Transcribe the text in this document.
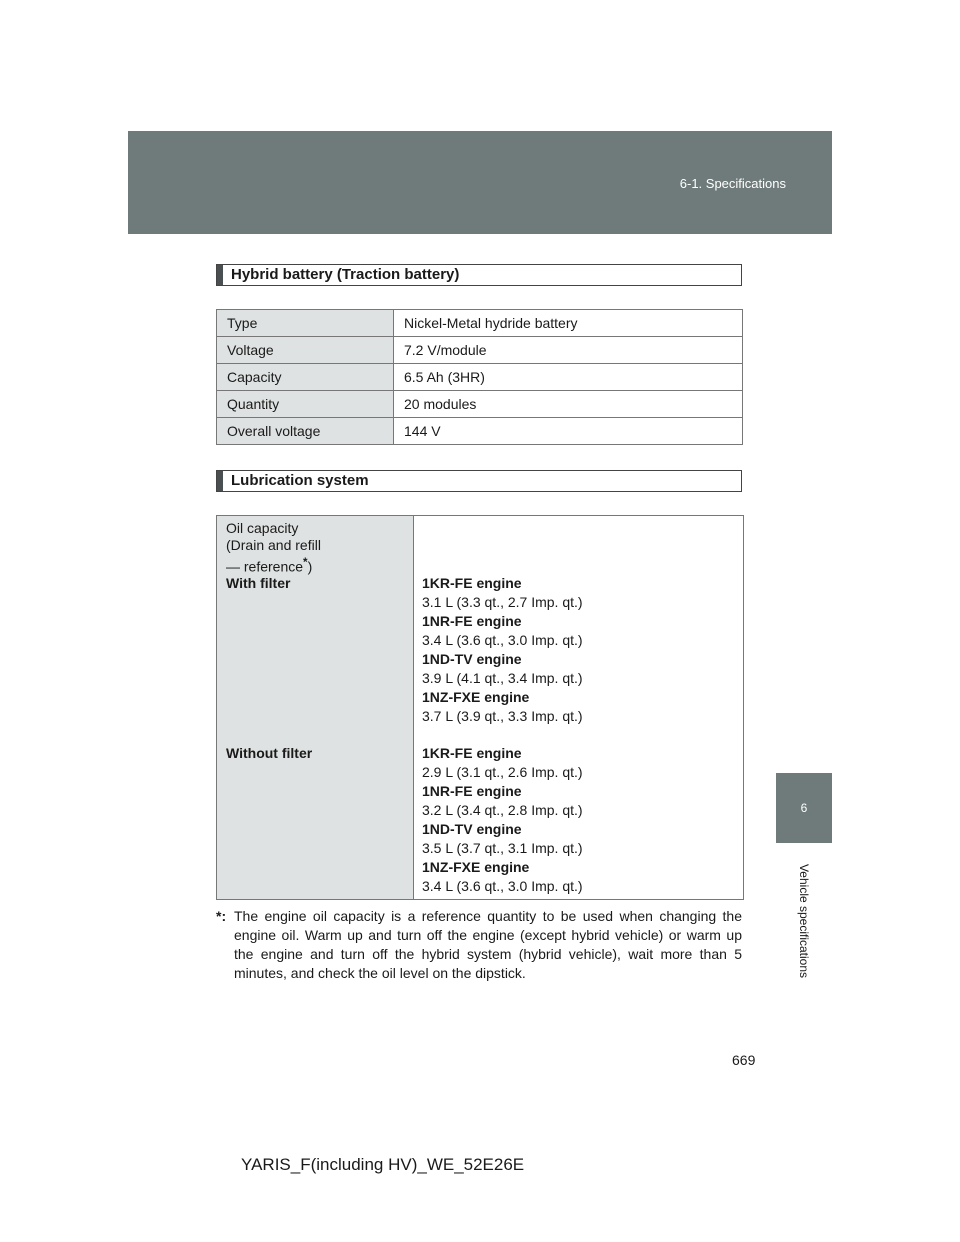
6-1. Specifications
6
Vehicle specifications
Hybrid battery (Traction battery)
Type	Nickel-Metal hydride battery
Voltage	7.2 V/module
Capacity	6.5 Ah (3HR)
Quantity	20 modules
Overall voltage	144 V
Lubrication system
Oil capacity
(Drain and refill
— reference*)
With filter	1KR-FE engine
3.1 L (3.3 qt., 2.7 Imp. qt.)
1NR-FE engine
3.4 L (3.6 qt., 3.0 Imp. qt.)
1ND-TV engine
3.9 L (4.1 qt., 3.4 Imp. qt.)
1NZ-FXE engine
3.7 L (3.9 qt., 3.3 Imp. qt.)
Without filter	1KR-FE engine
2.9 L (3.1 qt., 2.6 Imp. qt.)
1NR-FE engine
3.2 L (3.4 qt., 2.8 Imp. qt.)
1ND-TV engine
3.5 L (3.7 qt., 3.1 Imp. qt.)
1NZ-FXE engine
3.4 L (3.6 qt., 3.0 Imp. qt.)
*: The engine oil capacity is a reference quantity to be used when changing the engine oil. Warm up and turn off the engine (except hybrid vehicle) or warm up the engine and turn off the hybrid system (hybrid vehicle), wait more than 5 minutes, and check the oil level on the dipstick.
669
YARIS_F(including HV)_WE_52E26E
